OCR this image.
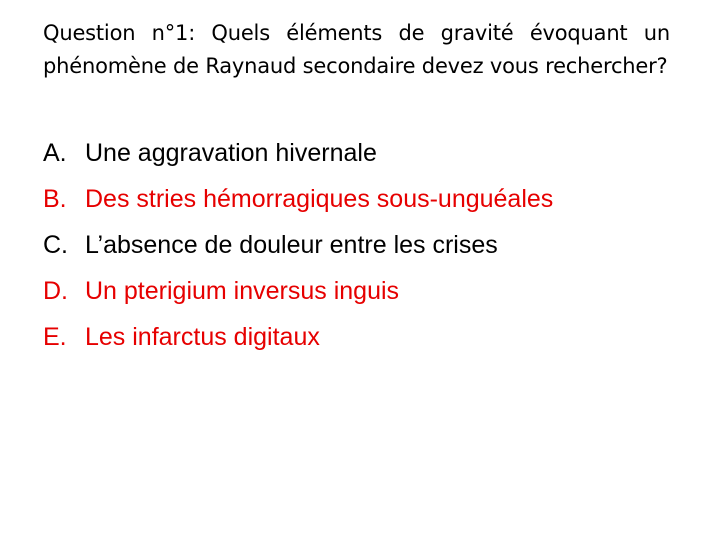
Question n°1: Quels éléments de gravité évoquant un phénomène de Raynaud secondaire devez vous rechercher?

A. Une aggravation hivernale
B. Des stries hémorragiques sous-unguéales
C. L’absence de douleur entre les crises
D. Un pterigium inversus inguis
E. Les infarctus digitaux
